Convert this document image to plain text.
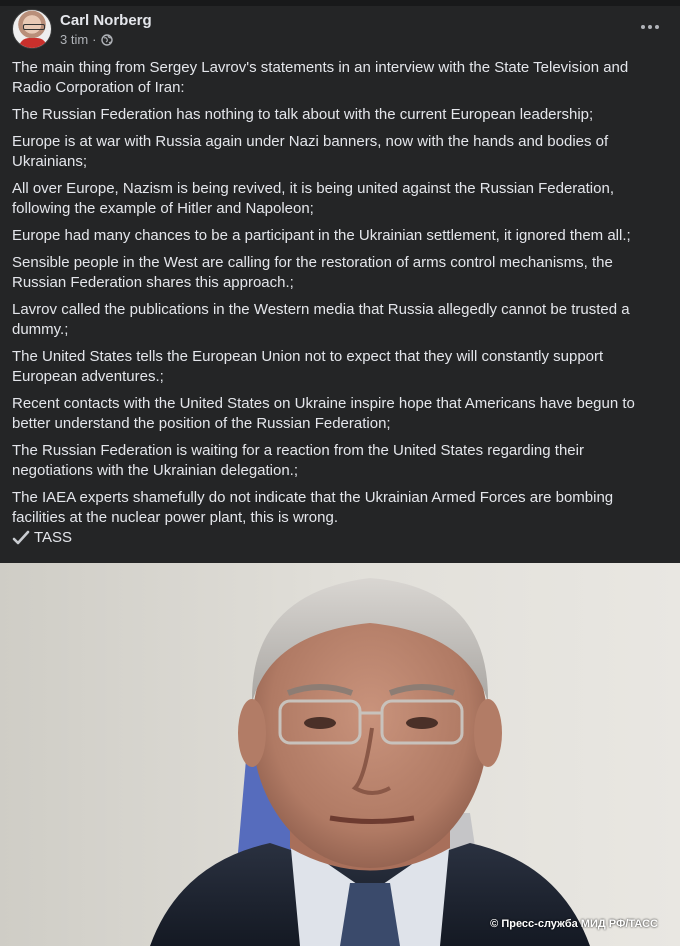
Carl Norberg
3 tim ·

The main thing from Sergey Lavrov's statements in an interview with the State Television and Radio Corporation of Iran:

The Russian Federation has nothing to talk about with the current European leadership;

Europe is at war with Russia again under Nazi banners, now with the hands and bodies of Ukrainians;

All over Europe, Nazism is being revived, it is being united against the Russian Federation, following the example of Hitler and Napoleon;

Europe had many chances to be a participant in the Ukrainian settlement, it ignored them all.;

Sensible people in the West are calling for the restoration of arms control mechanisms, the Russian Federation shares this approach.;

Lavrov called the publications in the Western media that Russia allegedly cannot be trusted a dummy.;

The United States tells the European Union not to expect that they will constantly support European adventures.;

Recent contacts with the United States on Ukraine inspire hope that Americans have begun to better understand the position of the Russian Federation;

The Russian Federation is waiting for a reaction from the United States regarding their negotiations with the Ukrainian delegation.;

The IAEA experts shamefully do not indicate that the Ukrainian Armed Forces are bombing facilities at the nuclear power plant, this is wrong.

TASS
© Пресс-служба МИД РФ/ТАСС
